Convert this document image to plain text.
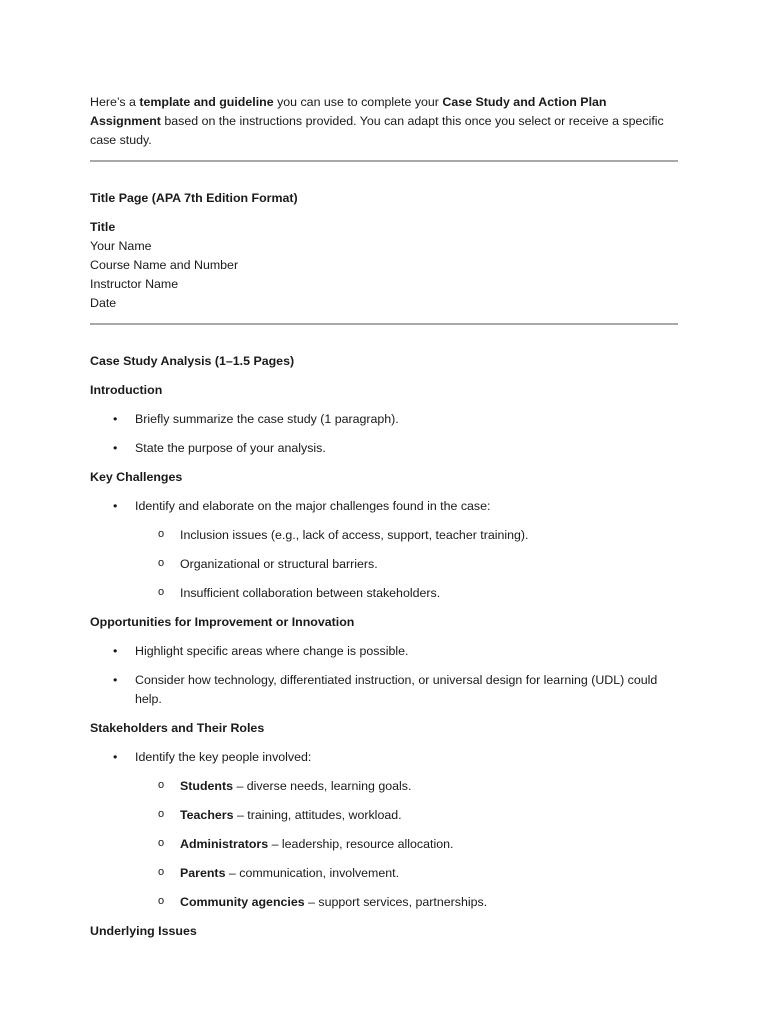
Here’s a template and guideline you can use to complete your Case Study and Action Plan Assignment based on the instructions provided. You can adapt this once you select or receive a specific case study.

Title Page (APA 7th Edition Format)

Title
Your Name
Course Name and Number
Instructor Name
Date

Case Study Analysis (1–1.5 Pages)

Introduction

• Briefly summarize the case study (1 paragraph).
• State the purpose of your analysis.

Key Challenges

• Identify and elaborate on the major challenges found in the case:
o Inclusion issues (e.g., lack of access, support, teacher training).
o Organizational or structural barriers.
o Insufficient collaboration between stakeholders.

Opportunities for Improvement or Innovation

• Highlight specific areas where change is possible.
• Consider how technology, differentiated instruction, or universal design for learning (UDL) could help.

Stakeholders and Their Roles

• Identify the key people involved:
o Students – diverse needs, learning goals.
o Teachers – training, attitudes, workload.
o Administrators – leadership, resource allocation.
o Parents – communication, involvement.
o Community agencies – support services, partnerships.

Underlying Issues
